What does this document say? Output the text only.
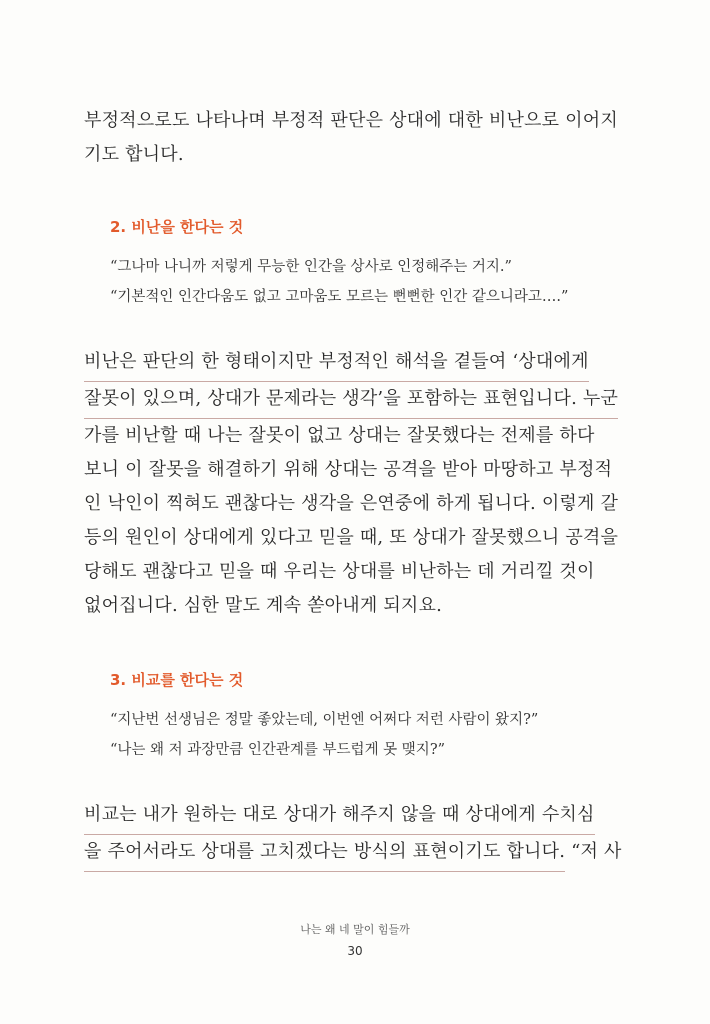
부정적으로도 나타나며 부정적 판단은 상대에 대한 비난으로 이어지
기도 합니다.

2. 비난을 한다는 것
“그나마 나니까 저렇게 무능한 인간을 상사로 인정해주는 거지.”
“기본적인 인간다움도 없고 고마움도 모르는 뻔뻔한 인간 같으니라고….”

비난은 판단의 한 형태이지만 부정적인 해석을 곁들여 ‘상대에게
잘못이 있으며, 상대가 문제라는 생각’을 포함하는 표현입니다. 누군
가를 비난할 때 나는 잘못이 없고 상대는 잘못했다는 전제를 하다
보니 이 잘못을 해결하기 위해 상대는 공격을 받아 마땅하고 부정적
인 낙인이 찍혀도 괜찮다는 생각을 은연중에 하게 됩니다. 이렇게 갈
등의 원인이 상대에게 있다고 믿을 때, 또 상대가 잘못했으니 공격을
당해도 괜찮다고 믿을 때 우리는 상대를 비난하는 데 거리낄 것이
없어집니다. 심한 말도 계속 쏟아내게 되지요.

3. 비교를 한다는 것
“지난번 선생님은 정말 좋았는데, 이번엔 어쩌다 저런 사람이 왔지?”
“나는 왜 저 과장만큼 인간관계를 부드럽게 못 맺지?”

비교는 내가 원하는 대로 상대가 해주지 않을 때 상대에게 수치심
을 주어서라도 상대를 고치겠다는 방식의 표현이기도 합니다. “저 사

나는 왜 네 말이 힘들까
30
